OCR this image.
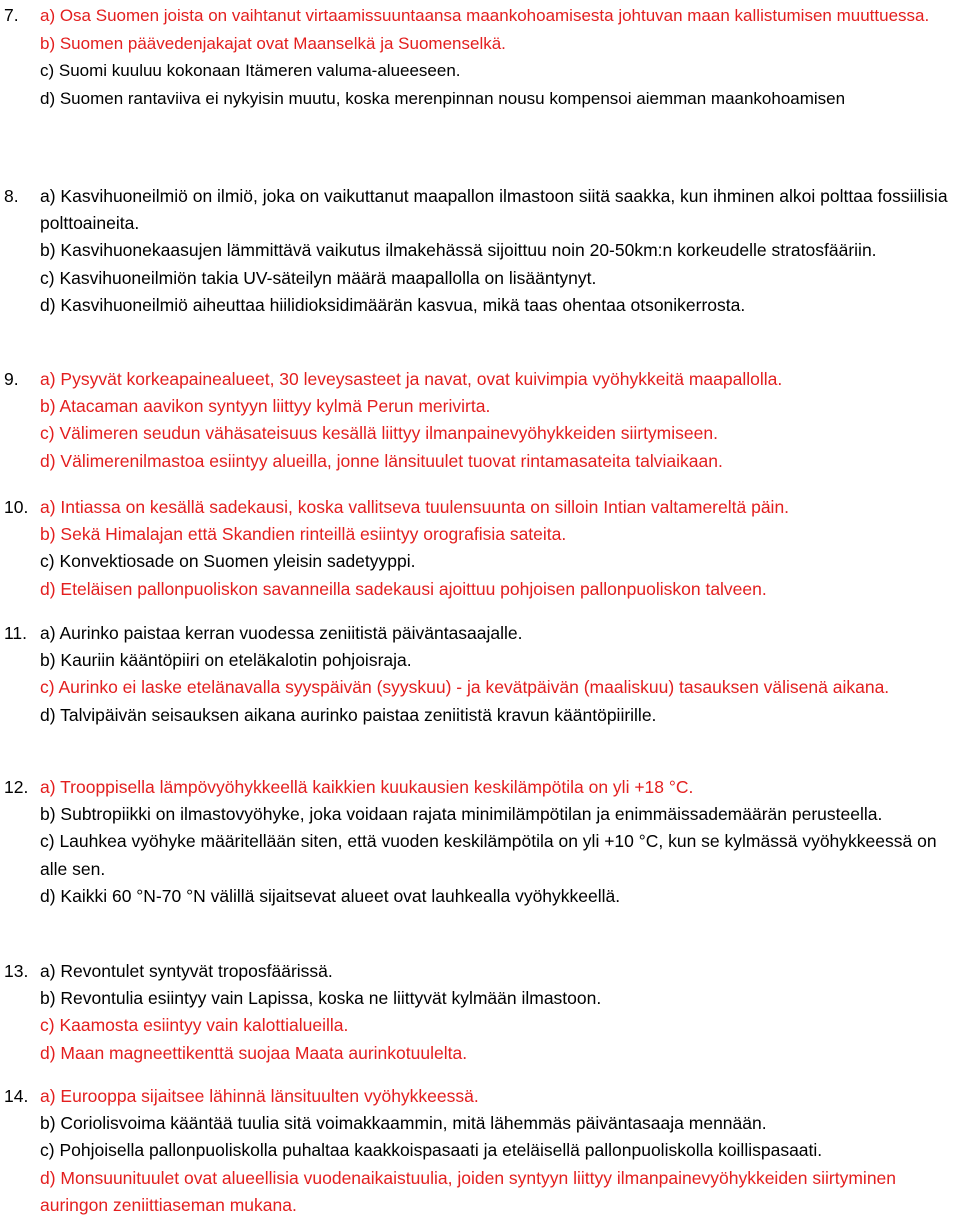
7.	a) Osa Suomen joista on vaihtanut virtaamissuuntaansa maankohoamisesta johtuvan maan kallistumisen muuttuessa.

b) Suomen päävedenjakajat ovat Maanselkä ja Suomenselkä.

c) Suomi kuuluu kokonaan Itämeren valuma-alueeseen.

d) Suomen rantaviiva ei nykyisin muutu, koska merenpinnan nousu kompensoi aiemman maankohoamisen

8.	a) Kasvihuoneilmiö on ilmiö, joka on vaikuttanut maapallon ilmastoon siitä saakka, kun ihminen alkoi polttaa fossiilisia polttoaineita.

b) Kasvihuonekaasujen lämmittävä vaikutus ilmakehässä sijoittuu noin 20-50km:n korkeudelle stratosfääriin.

c) Kasvihuoneilmiön takia UV-säteilyn määrä maapallolla on lisääntynyt.

d) Kasvihuoneilmiö aiheuttaa hiilidioksidimäärän kasvua, mikä taas ohentaa otsonikerrosta.

9.	a) Pysyvät korkeapainealueet, 30 leveysasteet ja navat, ovat kuivimpia vyöhykkeitä maapallolla.

b) Atacaman aavikon syntyyn liittyy kylmä Perun merivirta.

c) Välimeren seudun vähäsateisuus kesällä liittyy ilmanpainevyöhykkeiden siirtymiseen.

d) Välimerenilmastoa esiintyy alueilla, jonne länsituulet tuovat rintamasateita talviaikaan.

10. a) Intiassa on kesällä sadekausi, koska vallitseva tuulensuunta on silloin Intian valtamereltä päin.

b) Sekä Himalajan että Skandien rinteillä esiintyy orografisia sateita.

c) Konvektiosade on Suomen yleisin sadetyyppi.

d) Eteläisen pallonpuoliskon savanneilla sadekausi ajoittuu pohjoisen pallonpuoliskon talveen.

11. a) Aurinko paistaa kerran vuodessa zeniitistä päiväntasaajalle.

b) Kauriin kääntöpiiri on eteläkalotin pohjoisraja.

c) Aurinko ei laske etelänavalla syyspäivän (syyskuu) - ja kevätpäivän (maaliskuu) tasauksen välisenä aikana.

d) Talvipäivän seisauksen aikana aurinko paistaa zeniitistä kravun kääntöpiirille.

12. a) Trooppisella lämpövyöhykkeellä kaikkien kuukausien keskilämpötila on yli +18 °C.

b) Subtropiikki on ilmastovyöhyke, joka voidaan rajata minimilämpötilan ja enimmäissademäärän perusteella.

c) Lauhkea vyöhyke määritellään siten, että vuoden keskilämpötila on yli +10 °C, kun se kylmässä vyöhykkeessä on alle sen.

d) Kaikki 60 °N-70 °N välillä sijaitsevat alueet ovat lauhkealla vyöhykkeellä.

13. a) Revontulet syntyvät troposfäärissä.

b) Revontulia esiintyy vain Lapissa, koska ne liittyvät kylmään ilmastoon.

c) Kaamosta esiintyy vain kalottialueilla.

d) Maan magneettikenttä suojaa Maata aurinkotuulelta.

14. a) Eurooppa sijaitsee lähinnä länsituulten vyöhykkeessä.

b) Coriolisvoima kääntää tuulia sitä voimakkaammin, mitä lähemmäs päiväntasaaja mennään.

c) Pohjoisella pallonpuoliskolla puhaltaa kaakkoispasaati ja eteläisellä pallonpuoliskolla koillispasaati.

d) Monsuunituulet ovat alueellisia vuodenaikaistuulia, joiden syntyyn liittyy ilmanpainevyöhykkeiden siirtyminen auringon zeniittiaseman mukana.
